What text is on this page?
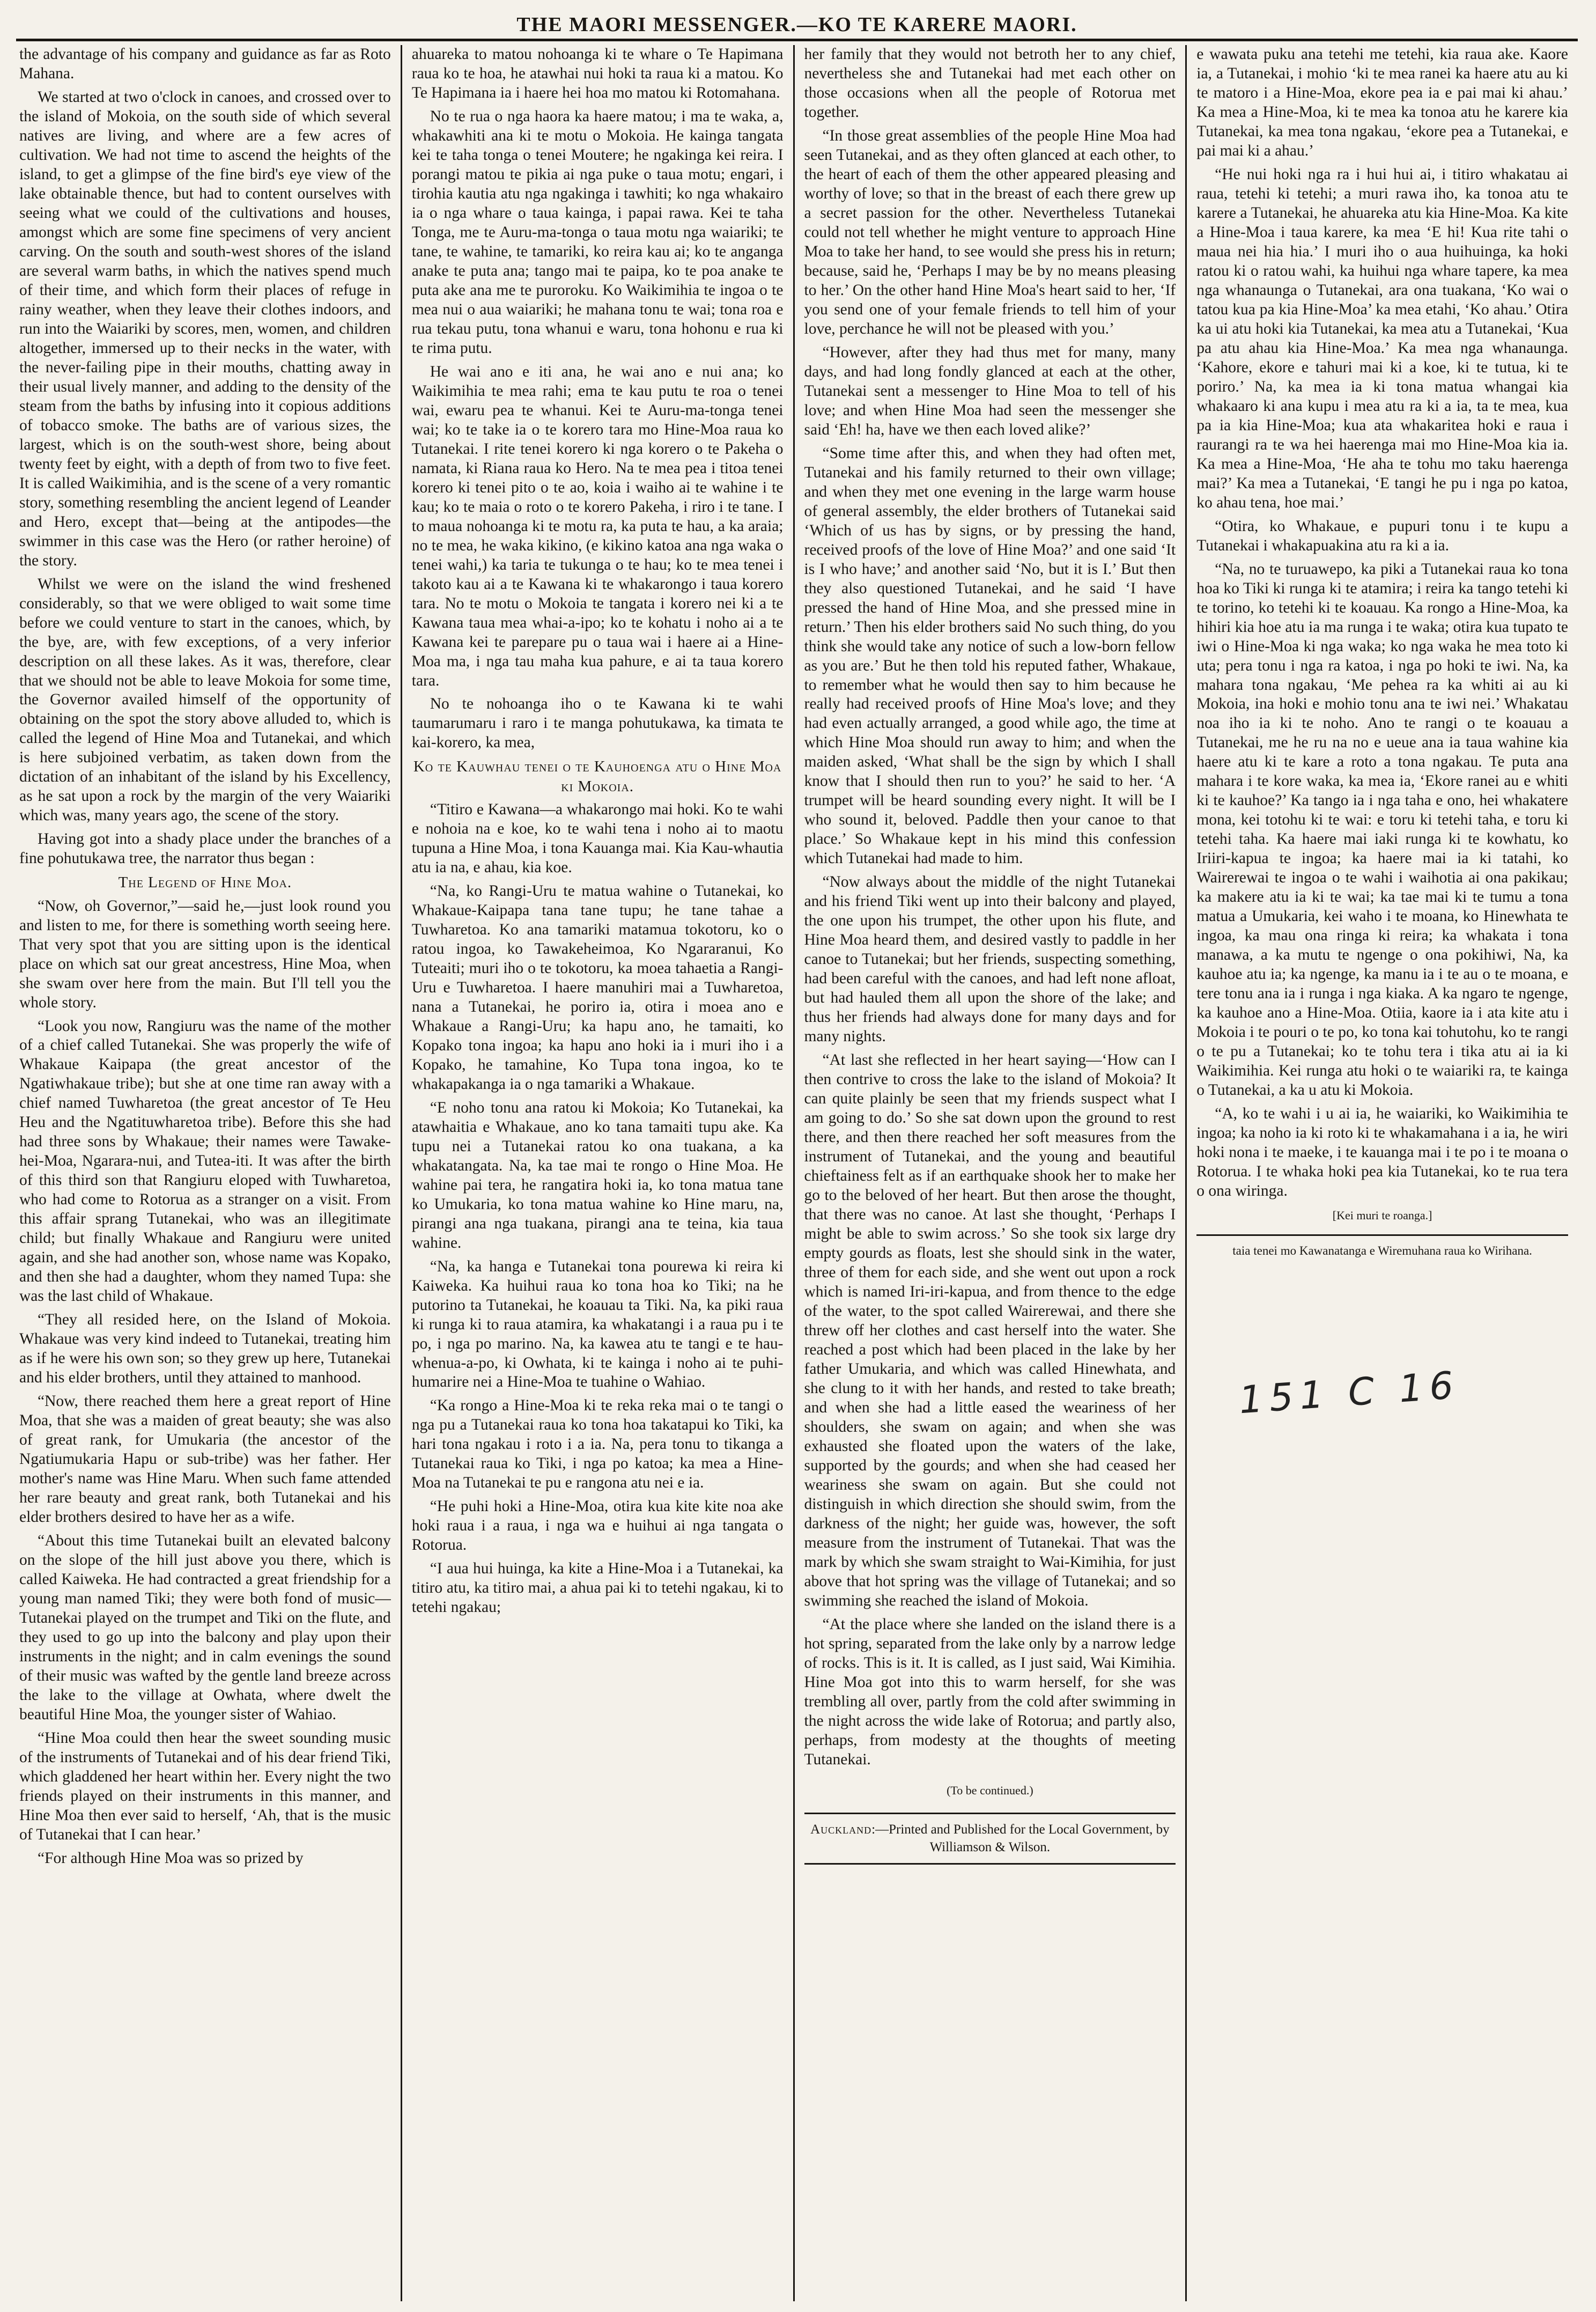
THE MAORI MESSENGER.—KO TE KARERE MAORI.

the advantage of his company and guidance as far as Roto Mahana.

We started at two o'clock in canoes, and crossed over to the island of Mokoia, on the south side of which several natives are living, and where are a few acres of cultivation. We had not time to ascend the heights of the island, to get a glimpse of the fine bird's eye view of the lake obtainable thence, but had to content ourselves with seeing what we could of the cultivations and houses, amongst which are some fine specimens of very ancient carving. On the south and south-west shores of the island are several warm baths, in which the natives spend much of their time, and which form their places of refuge in rainy weather, when they leave their clothes indoors, and run into the Waiariki by scores, men, women, and children altogether, immersed up to their necks in the water, with the never-failing pipe in their mouths, chatting away in their usual lively manner, and adding to the density of the steam from the baths by infusing into it copious additions of tobacco smoke. The baths are of various sizes, the largest, which is on the south-west shore, being about twenty feet by eight, with a depth of from two to five feet. It is called Waikimihia, and is the scene of a very romantic story, something resembling the ancient legend of Leander and Hero, except that—being at the antipodes—the swimmer in this case was the Hero (or rather heroine) of the story.

Whilst we were on the island the wind freshened considerably, so that we were obliged to wait some time before we could venture to start in the canoes, which, by the bye, are, with few exceptions, of a very inferior description on all these lakes. As it was, therefore, clear that we should not be able to leave Mokoia for some time, the Governor availed himself of the opportunity of obtaining on the spot the story above alluded to, which is called the legend of Hine Moa and Tutanekai, and which is here subjoined verbatim, as taken down from the dictation of an inhabitant of the island by his Excellency, as he sat upon a rock by the margin of the very Waiariki which was, many years ago, the scene of the story.

Having got into a shady place under the branches of a fine pohutukawa tree, the narrator thus began :

The Legend of Hine Moa.

“Now, oh Governor,”—said he,—just look round you and listen to me, for there is something worth seeing here. That very spot that you are sitting upon is the identical place on which sat our great ancestress, Hine Moa, when she swam over here from the main. But I'll tell you the whole story.

“Look you now, Rangiuru was the name of the mother of a chief called Tutanekai. She was properly the wife of Whakaue Kaipapa (the great ancestor of the Ngatiwhakaue tribe); but she at one time ran away with a chief named Tuwharetoa (the great ancestor of Te Heu Heu and the Ngatituwharetoa tribe). Before this she had had three sons by Whakaue; their names were Tawake-hei-Moa, Ngarara-nui, and Tutea-iti. It was after the birth of this third son that Rangiuru eloped with Tuwharetoa, who had come to Rotorua as a stranger on a visit. From this affair sprang Tutanekai, who was an illegitimate child; but finally Whakaue and Rangiuru were united again, and she had another son, whose name was Kopako, and then she had a daughter, whom they named Tupa: she was the last child of Whakaue.

“They all resided here, on the Island of Mokoia. Whakaue was very kind indeed to Tutanekai, treating him as if he were his own son; so they grew up here, Tutanekai and his elder brothers, until they attained to manhood.

“Now, there reached them here a great report of Hine Moa, that she was a maiden of great beauty; she was also of great rank, for Umukaria (the ancestor of the Ngatiumukaria Hapu or sub-tribe) was her father. Her mother's name was Hine Maru. When such fame attended her rare beauty and great rank, both Tutanekai and his elder brothers desired to have her as a wife.

“About this time Tutanekai built an elevated balcony on the slope of the hill just above you there, which is called Kaiweka. He had contracted a great friendship for a young man named Tiki; they were both fond of music—Tutanekai played on the trumpet and Tiki on the flute, and they used to go up into the balcony and play upon their instruments in the night; and in calm evenings the sound of their music was wafted by the gentle land breeze across the lake to the village at Owhata, where dwelt the beautiful Hine Moa, the younger sister of Wahiao.

“Hine Moa could then hear the sweet sounding music of the instruments of Tutanekai and of his dear friend Tiki, which gladdened her heart within her. Every night the two friends played on their instruments in this manner, and Hine Moa then ever said to herself, ‘Ah, that is the music of Tutanekai that I can hear.’

“For although Hine Moa was so prized by

ahuareka to matou nohoanga ki te whare o Te Hapimana raua ko te hoa, he atawhai nui hoki ta raua ki a matou. Ko Te Hapimana ia i haere hei hoa mo matou ki Rotomahana.

No te rua o nga haora ka haere matou; i ma te waka, a, whakawhiti ana ki te motu o Mokoia. He kainga tangata kei te taha tonga o tenei Moutere; he ngakinga kei reira. I porangi matou te pikia ai nga puke o taua motu; engari, i tirohia kautia atu nga ngakinga i tawhiti; ko nga whakairo ia o nga whare o taua kainga, i papai rawa. Kei te taha Tonga, me te Auru-ma-tonga o taua motu nga waiariki; te tane, te wahine, te tamariki, ko reira kau ai; ko te anganga anake te puta ana; tango mai te paipa, ko te poa anake te puta ake ana me te puroroku. Ko Waikimihia te ingoa o te mea nui o aua waiariki; he mahana tonu te wai; tona roa e rua tekau putu, tona whanui e waru, tona hohonu e rua ki te rima putu.

He wai ano e iti ana, he wai ano e nui ana; ko Waikimihia te mea rahi; ema te kau putu te roa o tenei wai, ewaru pea te whanui. Kei te Auru-ma-tonga tenei wai; ko te take ia o te korero tara mo Hine-Moa raua ko Tutanekai. I rite tenei korero ki nga korero o te Pakeha o namata, ki Riana raua ko Hero. Na te mea pea i titoa tenei korero ki tenei pito o te ao, koia i waiho ai te wahine i te kau; ko te maia o roto o te korero Pakeha, i riro i te tane. I to maua nohoanga ki te motu ra, ka puta te hau, a ka araia; no te mea, he waka kikino, (e kikino katoa ana nga waka o tenei wahi,) ka taria te tukunga o te hau; ko te mea tenei i takoto kau ai a te Kawana ki te whakarongo i taua korero tara. No te motu o Mokoia te tangata i korero nei ki a te Kawana taua mea whai-a-ipo; ko te kohatu i noho ai a te Kawana kei te parepare pu o taua wai i haere ai a Hine-Moa ma, i nga tau maha kua pahure, e ai ta taua korero tara.

No te nohoanga iho o te Kawana ki te wahi taumarumaru i raro i te manga pohutukawa, ka timata te kai-korero, ka mea,

Ko te Kauwhau tenei o te Kauhoenga atu o Hine Moa ki Mokoia.

“Titiro e Kawana—a whakarongo mai hoki. Ko te wahi e nohoia na e koe, ko te wahi tena i noho ai to maotu tupuna a Hine Moa, i tona Kauanga mai. Kia Kau-whautia atu ia na, e ahau, kia koe.

“Na, ko Rangi-Uru te matua wahine o Tutanekai, ko Whakaue-Kaipapa tana tane tupu; he tane tahae a Tuwharetoa. Ko ana tamariki matamua tokotoru, ko o ratou ingoa, ko Tawakeheimoa, Ko Ngararanui, Ko Tuteaiti; muri iho o te tokotoru, ka moea tahaetia a Rangi-Uru e Tuwharetoa. I haere manuhiri mai a Tuwharetoa, nana a Tutanekai, he poriro ia, otira i moea ano e Whakaue a Rangi-Uru; ka hapu ano, he tamaiti, ko Kopako tona ingoa; ka hapu ano hoki ia i muri iho i a Kopako, he tamahine, Ko Tupa tona ingoa, ko te whakapakanga ia o nga tamariki a Whakaue.

“E noho tonu ana ratou ki Mokoia; Ko Tutanekai, ka atawhaitia e Whakaue, ano ko tana tamaiti tupu ake. Ka tupu nei a Tutanekai ratou ko ona tuakana, a ka whakatangata. Na, ka tae mai te rongo o Hine Moa. He wahine pai tera, he rangatira hoki ia, ko tona matua tane ko Umukaria, ko tona matua wahine ko Hine maru, na, pirangi ana nga tuakana, pirangi ana te teina, kia taua wahine.

“Na, ka hanga e Tutanekai tona pourewa ki reira ki Kaiweka. Ka huihui raua ko tona hoa ko Tiki; na he putorino ta Tutanekai, he koauau ta Tiki. Na, ka piki raua ki runga ki to raua atamira, ka whakatangi i a raua pu i te po, i nga po marino. Na, ka kawea atu te tangi e te hau-whenua-a-po, ki Owhata, ki te kainga i noho ai te puhi-humarire nei a Hine-Moa te tuahine o Wahiao.

“Ka rongo a Hine-Moa ki te reka reka mai o te tangi o nga pu a Tutanekai raua ko tona hoa takatapui ko Tiki, ka hari tona ngakau i roto i a ia. Na, pera tonu to tikanga a Tutanekai raua ko Tiki, i nga po katoa; ka mea a Hine-Moa na Tutanekai te pu e rangona atu nei e ia.

“He puhi hoki a Hine-Moa, otira kua kite kite noa ake hoki raua i a raua, i nga wa e huihui ai nga tangata o Rotorua.

“I aua hui huinga, ka kite a Hine-Moa i a Tutanekai, ka titiro atu, ka titiro mai, a ahua pai ki to tetehi ngakau, ki to tetehi ngakau;

her family that they would not betroth her to any chief, nevertheless she and Tutanekai had met each other on those occasions when all the people of Rotorua met together.

“In those great assemblies of the people Hine Moa had seen Tutanekai, and as they often glanced at each other, to the heart of each of them the other appeared pleasing and worthy of love; so that in the breast of each there grew up a secret passion for the other. Nevertheless Tutanekai could not tell whether he might venture to approach Hine Moa to take her hand, to see would she press his in return; because, said he, ‘Perhaps I may be by no means pleasing to her.’ On the other hand Hine Moa's heart said to her, ‘If you send one of your female friends to tell him of your love, perchance he will not be pleased with you.’

“However, after they had thus met for many, many days, and had long fondly glanced at each at the other, Tutanekai sent a messenger to Hine Moa to tell of his love; and when Hine Moa had seen the messenger she said ‘Eh! ha, have we then each loved alike?’

“Some time after this, and when they had often met, Tutanekai and his family returned to their own village; and when they met one evening in the large warm house of general assembly, the elder brothers of Tutanekai said ‘Which of us has by signs, or by pressing the hand, received proofs of the love of Hine Moa?’ and one said ‘It is I who have;’ and another said ‘No, but it is I.’ But then they also questioned Tutanekai, and he said ‘I have pressed the hand of Hine Moa, and she pressed mine in return.’ Then his elder brothers said No such thing, do you think she would take any notice of such a low-born fellow as you are.’ But he then told his reputed father, Whakaue, to remember what he would then say to him because he really had received proofs of Hine Moa's love; and they had even actually arranged, a good while ago, the time at which Hine Moa should run away to him; and when the maiden asked, ‘What shall be the sign by which I shall know that I should then run to you?’ he said to her. ‘A trumpet will be heard sounding every night. It will be I who sound it, beloved. Paddle then your canoe to that place.’ So Whakaue kept in his mind this confession which Tutanekai had made to him.

“Now always about the middle of the night Tutanekai and his friend Tiki went up into their balcony and played, the one upon his trumpet, the other upon his flute, and Hine Moa heard them, and desired vastly to paddle in her canoe to Tutanekai; but her friends, suspecting something, had been careful with the canoes, and had left none afloat, but had hauled them all upon the shore of the lake; and thus her friends had always done for many days and for many nights.

“At last she reflected in her heart saying—‘How can I then contrive to cross the lake to the island of Mokoia? It can quite plainly be seen that my friends suspect what I am going to do.’ So she sat down upon the ground to rest there, and then there reached her soft measures from the instrument of Tutanekai, and the young and beautiful chieftainess felt as if an earthquake shook her to make her go to the beloved of her heart. But then arose the thought, that there was no canoe. At last she thought, ‘Perhaps I might be able to swim across.’ So she took six large dry empty gourds as floats, lest she should sink in the water, three of them for each side, and she went out upon a rock which is named Iri-iri-kapua, and from thence to the edge of the water, to the spot called Wairerewai, and there she threw off her clothes and cast herself into the water. She reached a post which had been placed in the lake by her father Umukaria, and which was called Hinewhata, and she clung to it with her hands, and rested to take breath; and when she had a little eased the weariness of her shoulders, she swam on again; and when she was exhausted she floated upon the waters of the lake, supported by the gourds; and when she had ceased her weariness she swam on again. But she could not distinguish in which direction she should swim, from the darkness of the night; her guide was, however, the soft measure from the instrument of Tutanekai. That was the mark by which she swam straight to Wai-Kimihia, for just above that hot spring was the village of Tutanekai; and so swimming she reached the island of Mokoia.

“At the place where she landed on the island there is a hot spring, separated from the lake only by a narrow ledge of rocks. This is it. It is called, as I just said, Wai Kimihia. Hine Moa got into this to warm herself, for she was trembling all over, partly from the cold after swimming in the night across the wide lake of Rotorua; and partly also, perhaps, from modesty at the thoughts of meeting Tutanekai.

(To be continued.)
Auckland:—Printed and Published for the Local Government, by Williamson & Wilson.

e wawata puku ana tetehi me tetehi, kia raua ake. Kaore ia, a Tutanekai, i mohio ‘ki te mea ranei ka haere atu au ki te matoro i a Hine-Moa, ekore pea ia e pai mai ki ahau.’ Ka mea a Hine-Moa, ki te mea ka tonoa atu he karere kia Tutanekai, ka mea tona ngakau, ‘ekore pea a Tutanekai, e pai mai ki a ahau.’

“He nui hoki nga ra i hui hui ai, i titiro whakatau ai raua, tetehi ki tetehi; a muri rawa iho, ka tonoa atu te karere a Tutanekai, he ahuareka atu kia Hine-Moa. Ka kite a Hine-Moa i taua karere, ka mea ‘E hi! Kua rite tahi o maua nei hia hia.’ I muri iho o aua huihuinga, ka hoki ratou ki o ratou wahi, ka huihui nga whare tapere, ka mea nga whanaunga o Tutanekai, ara ona tuakana, ‘Ko wai o tatou kua pa kia Hine-Moa’ ka mea etahi, ‘Ko ahau.’ Otira ka ui atu hoki kia Tutanekai, ka mea atu a Tutanekai, ‘Kua pa atu ahau kia Hine-Moa.’ Ka mea nga whanaunga. ‘Kahore, ekore e tahuri mai ki a koe, ki te tutua, ki te poriro.’ Na, ka mea ia ki tona matua whangai kia whakaaro ki ana kupu i mea atu ra ki a ia, ta te mea, kua pa ia kia Hine-Moa; kua ata whakaritea hoki e raua i raurangi ra te wa hei haerenga mai mo Hine-Moa kia ia. Ka mea a Hine-Moa, ‘He aha te tohu mo taku haerenga mai?’ Ka mea a Tutanekai, ‘E tangi he pu i nga po katoa, ko ahau tena, hoe mai.’

“Otira, ko Whakaue, e pupuri tonu i te kupu a Tutanekai i whakapuakina atu ra ki a ia.

“Na, no te turuawepo, ka piki a Tutanekai raua ko tona hoa ko Tiki ki runga ki te atamira; i reira ka tango tetehi ki te torino, ko tetehi ki te koauau. Ka rongo a Hine-Moa, ka hihiri kia hoe atu ia ma runga i te waka; otira kua tupato te iwi o Hine-Moa ki nga waka; ko nga waka he mea toto ki uta; pera tonu i nga ra katoa, i nga po hoki te iwi. Na, ka mahara tona ngakau, ‘Me pehea ra ka whiti ai au ki Mokoia, ina hoki e mohio tonu ana te iwi nei.’ Whakatau noa iho ia ki te noho. Ano te rangi o te koauau a Tutanekai, me he ru na no e ueue ana ia taua wahine kia haere atu ki te kare a roto a tona ngakau. Te puta ana mahara i te kore waka, ka mea ia, ‘Ekore ranei au e whiti ki te kauhoe?’ Ka tango ia i nga taha e ono, hei whakatere mona, kei totohu ki te wai: e toru ki tetehi taha, e toru ki tetehi taha. Ka haere mai iaki runga ki te kowhatu, ko Iriiri-kapua te ingoa; ka haere mai ia ki tatahi, ko Wairerewai te ingoa o te wahi i waihotia ai ona pakikau; ka makere atu ia ki te wai; ka tae mai ki te tumu a tona matua a Umukaria, kei waho i te moana, ko Hinewhata te ingoa, ka mau ona ringa ki reira; ka whakata i tona manawa, a ka mutu te ngenge o ona pokihiwi, Na, ka kauhoe atu ia; ka ngenge, ka manu ia i te au o te moana, e tere tonu ana ia i runga i nga kiaka. A ka ngaro te ngenge, ka kauhoe ano a Hine-Moa. Otiia, kaore ia i ata kite atu i Mokoia i te pouri o te po, ko tona kai tohutohu, ko te rangi o te pu a Tutanekai; ko te tohu tera i tika atu ai ia ki Waikimihia. Kei runga atu hoki o te waiariki ra, te kainga o Tutanekai, a ka u atu ki Mokoia.

“A, ko te wahi i u ai ia, he waiariki, ko Waikimihia te ingoa; ka noho ia ki roto ki te whakamahana i a ia, he wiri hoki nona i te maeke, i te kauanga mai i te po i te moana o Rotorua. I te whaka hoki pea kia Tutanekai, ko te rua tera o ona wiringa.

[Kei muri te roanga.]
taia tenei mo Kawanatanga e Wiremuhana raua ko Wirihana.
151 C 16
